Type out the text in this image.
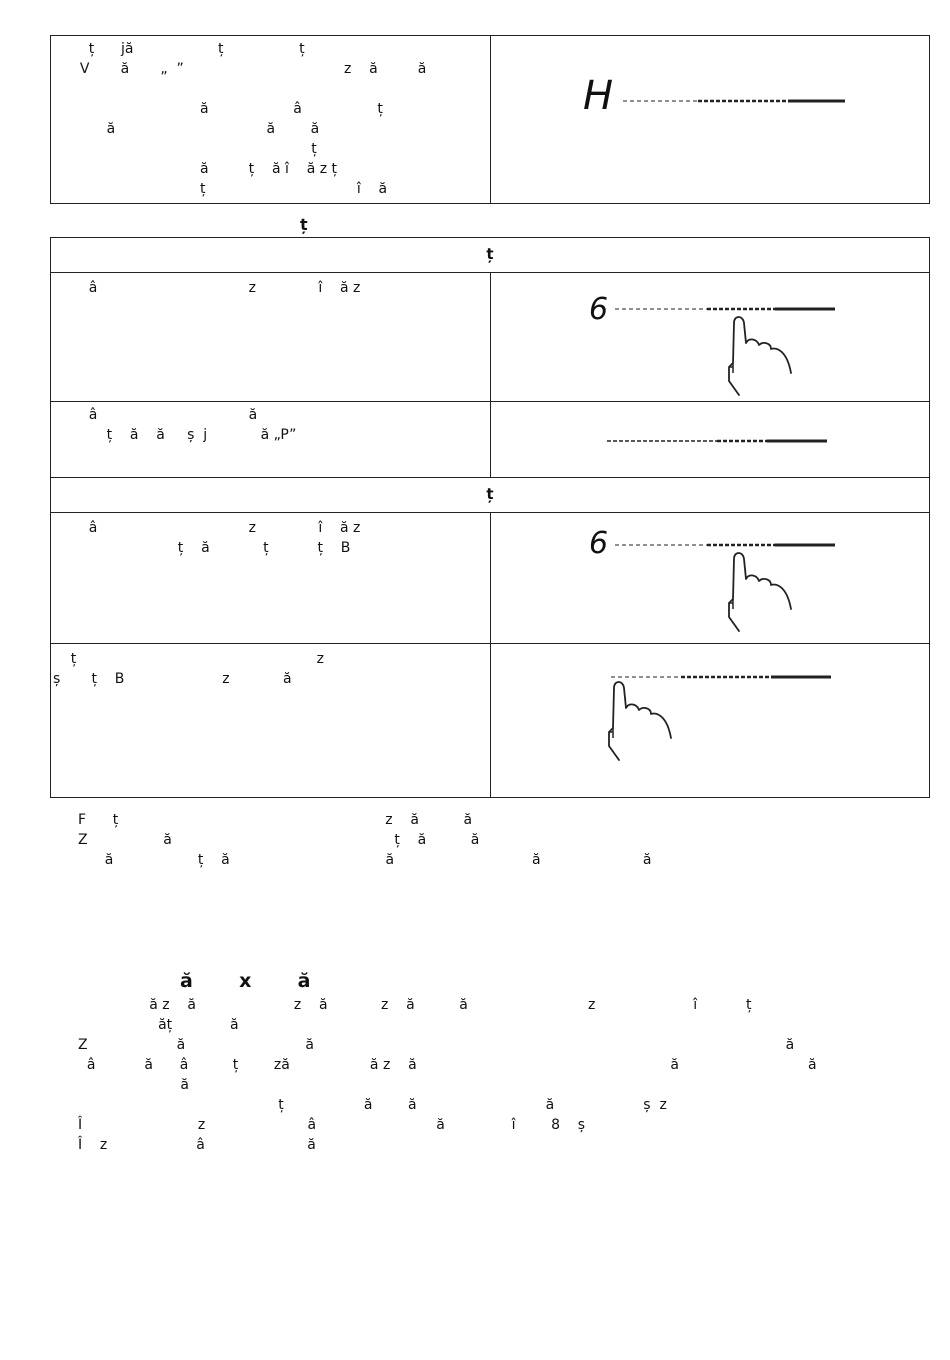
ț      jă                   ț                 ț
V       ă       „  ”                                    z    ă         ă

ă                   â                 ț
ă                                  ă        ă
ț
ă         ț    ă î    ă z ț
ț                                  î    ă
H
ț
ț
â                                  z              î    ă z
6
â                                  ă
ț    ă    ă     ș  j            ă „P”
ț
â                                  z              î    ă z
ț    ă            ț           ț    B	6
ț                                                      z
ș       ț    B                      z            ă
F      ț                                                            z    ă          ă
Z                 ă                                                  ț    ă          ă
ă                   ț    ă                                   ă                               ă                       ă
ă       x       ă
ă z    ă                      z    ă            z    ă          ă                           z                      î           ț
ăț             ă
Z                    ă                           ă                                                                                                          ă
â           ă      â          ț        ză                  ă z    ă                                                         ă                             ă
ă
ț                  ă        ă                             ă                    ș  z
Î                          z                       â                           ă               î        8    ș
Î    z                    â                       ă
